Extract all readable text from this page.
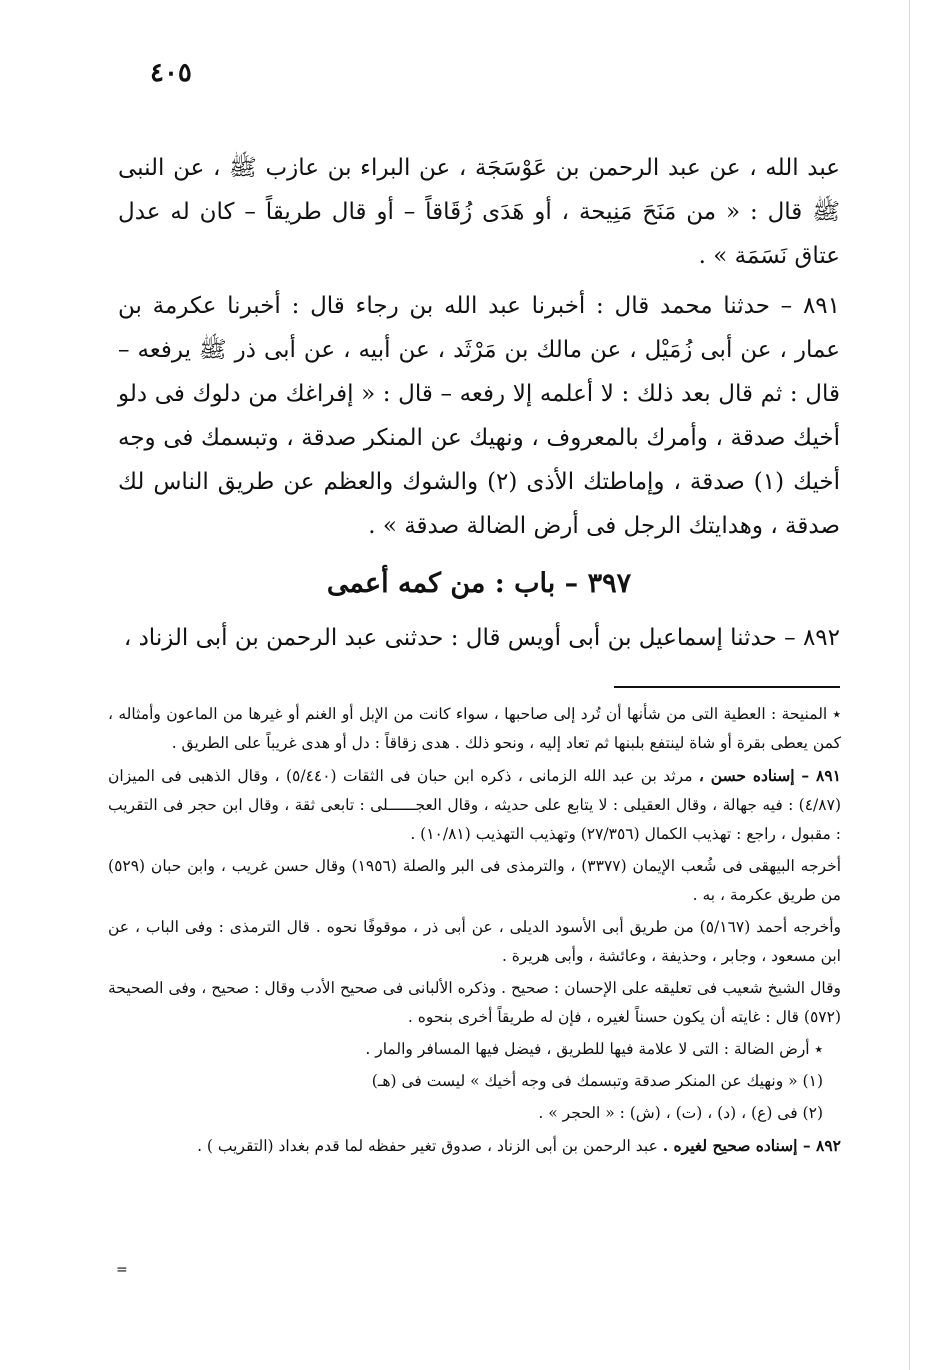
٤٠٥

عبد الله ، عن عبد الرحمن بن عَوْسَجَة ، عن البراء بن عازب ﷺ ، عن النبى ﷺ قال : « من مَنَحَ مَنِيحة ، أو هَدَى زُقَاقاً – أو قال طريقاً – كان له عدل عتاق نَسَمَة » .

٨٩١ – حدثنا محمد قال : أخبرنا عبد الله بن رجاء قال : أخبرنا عكرمة بن عمار ، عن أبى زُمَيْل ، عن مالك بن مَرْثَد ، عن أبيه ، عن أبى ذر ﷺ يرفعه – قال : ثم قال بعد ذلك : لا أعلمه إلا رفعه – قال : « إفراغك من دلوك فى دلو أخيك صدقة ، وأمرك بالمعروف ، ونهيك عن المنكر صدقة ، وتبسمك فى وجه أخيك (١) صدقة ، وإماطتك الأذى (٢) والشوك والعظم عن طريق الناس لك صدقة ، وهدايتك الرجل فى أرض الضالة صدقة » .

٣٩٧ – باب : من كمه أعمى

٨٩٢ – حدثنا إسماعيل بن أبى أويس قال : حدثنى عبد الرحمن بن أبى الزناد ،

٭ المنيحة : العطية التى من شأنها أن تُرد إلى صاحبها ، سواء كانت من الإبل أو الغنم أو غيرها من الماعون وأمثاله ، كمن يعطى بقرة أو شاة لينتفع بلبنها ثم تعاد إليه ، ونحو ذلك . هدى زقاقاً : دل أو هدى غريباً على الطريق .

٨٩١ – إسناده حسن ، مرثد بن عبد الله الزمانى ، ذكره ابن حبان فى الثقات (٥/٤٤٠) ، وقال الذهبى فى الميزان (٤/٨٧) : فيه جهالة ، وقال العقيلى : لا يتابع على حديثه ، وقال العجــــــلى : تابعى ثقة ، وقال ابن حجر فى التقريب : مقبول ، راجع : تهذيب الكمال (٢٧/٣٥٦) وتهذيب التهذيب (١٠/٨١) .

أخرجه البيهقى فى شُعب الإيمان (٣٣٧٧) ، والترمذى فى البر والصلة (١٩٥٦) وقال حسن غريب ، وابن حبان (٥٢٩) من طريق عكرمة ، به .

وأخرجه أحمد (٥/١٦٧) من طريق أبى الأسود الديلى ، عن أبى ذر ، موقوفًا نحوه . قال الترمذى : وفى الباب ، عن ابن مسعود ، وجابر ، وحذيفة ، وعائشة ، وأبى هريرة .

وقال الشيخ شعيب فى تعليقه على الإحسان : صحيح . وذكره الألبانى فى صحيح الأدب وقال : صحيح ، وفى الصحيحة (٥٧٢) قال : غايته أن يكون حسناً لغيره ، فإن له طريقاً أخرى بنحوه .

٭ أرض الضالة : التى لا علامة فيها للطريق ، فيضل فيها المسافر والمار .

(١) « ونهيك عن المنكر صدقة وتبسمك فى وجه أخيك » ليست فى (هـ)

(٢) فى (ع) ، (د) ، (ت) ، (ش) : « الحجر » .

٨٩٢ – إسناده صحيح لغيره . عبد الرحمن بن أبى الزناد ، صدوق تغير حفظه لما قدم بغداد (التقريب ) .

=
